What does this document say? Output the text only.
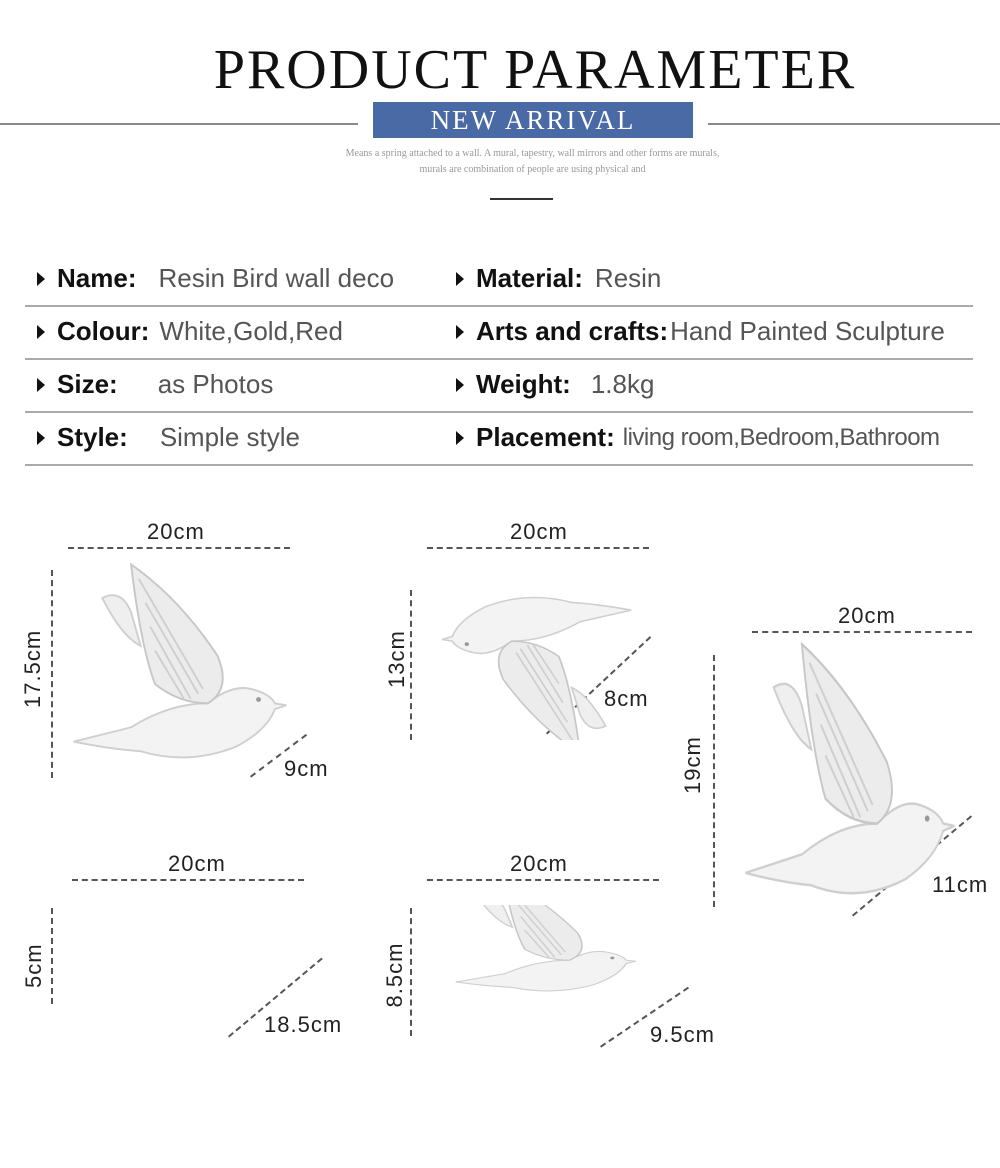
PRODUCT PARAMETER
NEW ARRIVAL
Means a spring attached to a wall. A mural, tapestry, wall mirrors and other forms are murals,
murals are combination of people are using physical and
Name: Resin Bird wall deco	Material: Resin
Colour: White,Gold,Red	Arts and crafts: Hand Painted Sculpture
Size: as Photos	Weight: 1.8kg
Style: Simple style	Placement: living room,Bedroom,Bathroom
20cm
17.5cm
9cm
20cm
13cm
8cm
20cm
19cm
11cm
20cm
5cm
18.5cm
20cm
8.5cm
9.5cm
